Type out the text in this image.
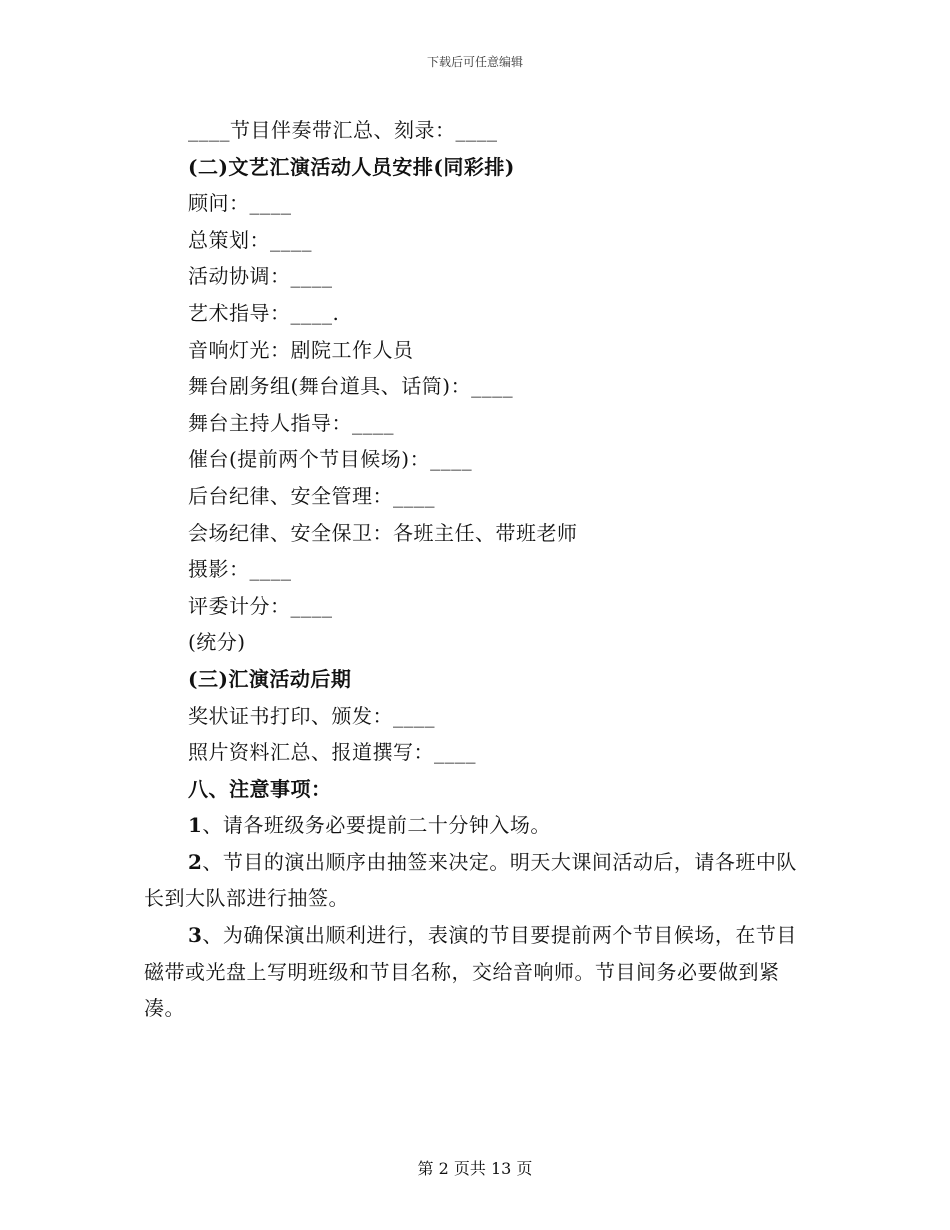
下载后可任意编辑
____节目伴奏带汇总、刻录：____
(二)文艺汇演活动人员安排(同彩排)
顾问：____
总策划：____
活动协调：____
艺术指导：____.
音响灯光：剧院工作人员
舞台剧务组(舞台道具、话筒)：____
舞台主持人指导：____
催台(提前两个节目候场)：____
后台纪律、安全管理：____
会场纪律、安全保卫：各班主任、带班老师
摄影：____
评委计分：____
(统分)
(三)汇演活动后期
奖状证书打印、颁发：____
照片资料汇总、报道撰写：____
八、注意事项：
1、请各班级务必要提前二十分钟入场。
2、节目的演出顺序由抽签来决定。明天大课间活动后，请各班中队长到大队部进行抽签。
3、为确保演出顺利进行，表演的节目要提前两个节目候场，在节目磁带或光盘上写明班级和节目名称，交给音响师。节目间务必要做到紧凑。
第 2 页共 13 页
